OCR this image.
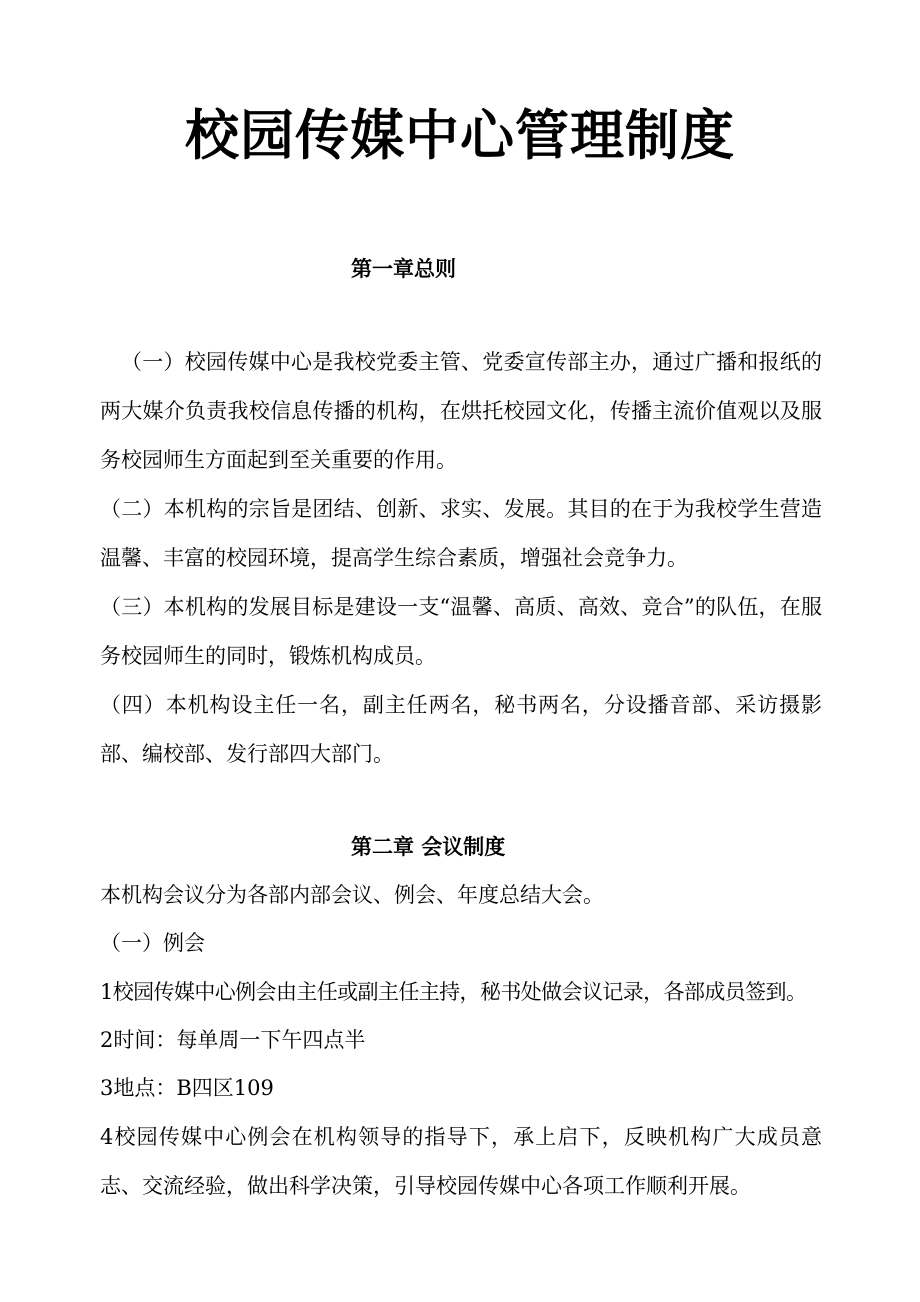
校园传媒中心管理制度
第一章总则
（一）校园传媒中心是我校党委主管、党委宣传部主办，通过广播和报纸的两大媒介负责我校信息传播的机构，在烘托校园文化，传播主流价值观以及服务校园师生方面起到至关重要的作用。
（二）本机构的宗旨是团结、创新、求实、发展。其目的在于为我校学生营造温馨、丰富的校园环境，提高学生综合素质，增强社会竞争力。
（三）本机构的发展目标是建设一支“温馨、高质、高效、竞合”的队伍，在服务校园师生的同时，锻炼机构成员。
（四）本机构设主任一名，副主任两名，秘书两名，分设播音部、采访摄影部、编校部、发行部四大部门。
第二章 会议制度
本机构会议分为各部内部会议、例会、年度总结大会。
（一）例会
1校园传媒中心例会由主任或副主任主持，秘书处做会议记录，各部成员签到。
2时间：每单周一下午四点半
3地点：B四区109
4校园传媒中心例会在机构领导的指导下，承上启下，反映机构广大成员意志、交流经验，做出科学决策，引导校园传媒中心各项工作顺利开展。
